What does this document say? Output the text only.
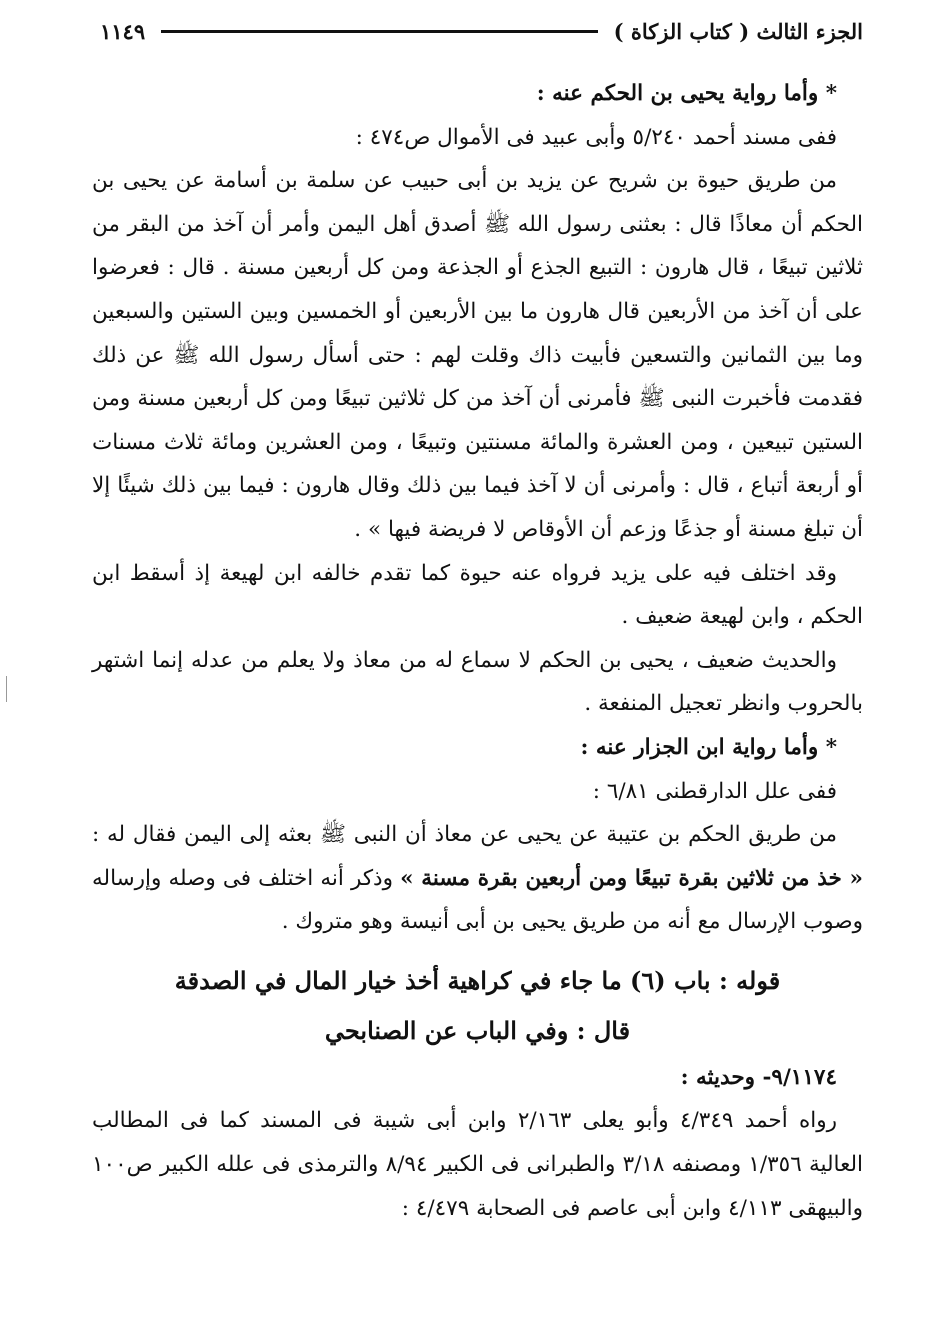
الجزء الثالث ( كتاب الزكاة )
١١٤٩

* وأما رواية يحيى بن الحكم عنه :

ففى مسند أحمد ٥/٢٤٠ وأبى عبيد فى الأموال ص٤٧٤ :

من طريق حيوة بن شريح عن يزيد بن أبى حبيب عن سلمة بن أسامة عن يحيى بن الحكم أن معاذًا قال : بعثنى رسول الله ﷺ أصدق أهل اليمن وأمر أن آخذ من البقر من ثلاثين تبيعًا ، قال هارون : التبيع الجذع أو الجذعة ومن كل أربعين مسنة . قال : فعرضوا على أن آخذ من الأربعين قال هارون ما بين الأربعين أو الخمسين وبين الستين والسبعين وما بين الثمانين والتسعين فأبيت ذاك وقلت لهم : حتى أسأل رسول الله ﷺ عن ذلك فقدمت فأخبرت النبى ﷺ فأمرنى أن آخذ من كل ثلاثين تبيعًا ومن كل أربعين مسنة ومن الستين تبيعين ، ومن العشرة والمائة مسنتين وتبيعًا ، ومن العشرين ومائة ثلاث مسنات أو أربعة أتباع ، قال : وأمرنى أن لا آخذ فيما بين ذلك وقال هارون : فيما بين ذلك شيئًا إلا أن تبلغ مسنة أو جذعًا وزعم أن الأوقاص لا فريضة فيها » .

وقد اختلف فيه على يزيد فرواه عنه حيوة كما تقدم خالفه ابن لهيعة إذ أسقط ابن الحكم ، وابن لهيعة ضعيف .

والحديث ضعيف ، يحيى بن الحكم لا سماع له من معاذ ولا يعلم من عدله إنما اشتهر بالحروب وانظر تعجيل المنفعة .

* وأما رواية ابن الجزار عنه :

ففى علل الدارقطنى ٦/٨١ :

من طريق الحكم بن عتيبة عن يحيى عن معاذ أن النبى ﷺ بعثه إلى اليمن فقال له : « خذ من ثلاثين بقرة تبيعًا ومن أربعين بقرة مسنة » وذكر أنه اختلف فى وصله وإرساله وصوب الإرسال مع أنه من طريق يحيى بن أبى أنيسة وهو متروك .

قوله : باب (٦) ما جاء في كراهية أخذ خيار المال في الصدقة

قال : وفي الباب عن الصنابحي

٩/١١٧٤- وحديثه :

رواه أحمد ٤/٣٤٩ وأبو يعلى ٢/١٦٣ وابن أبى شيبة فى المسند كما فى المطالب العالية ١/٣٥٦ ومصنفه ٣/١٨ والطبرانى فى الكبير ٨/٩٤ والترمذى فى علله الكبير ص١٠٠ والبيهقى ٤/١١٣ وابن أبى عاصم فى الصحابة ٤/٤٧٩ :
